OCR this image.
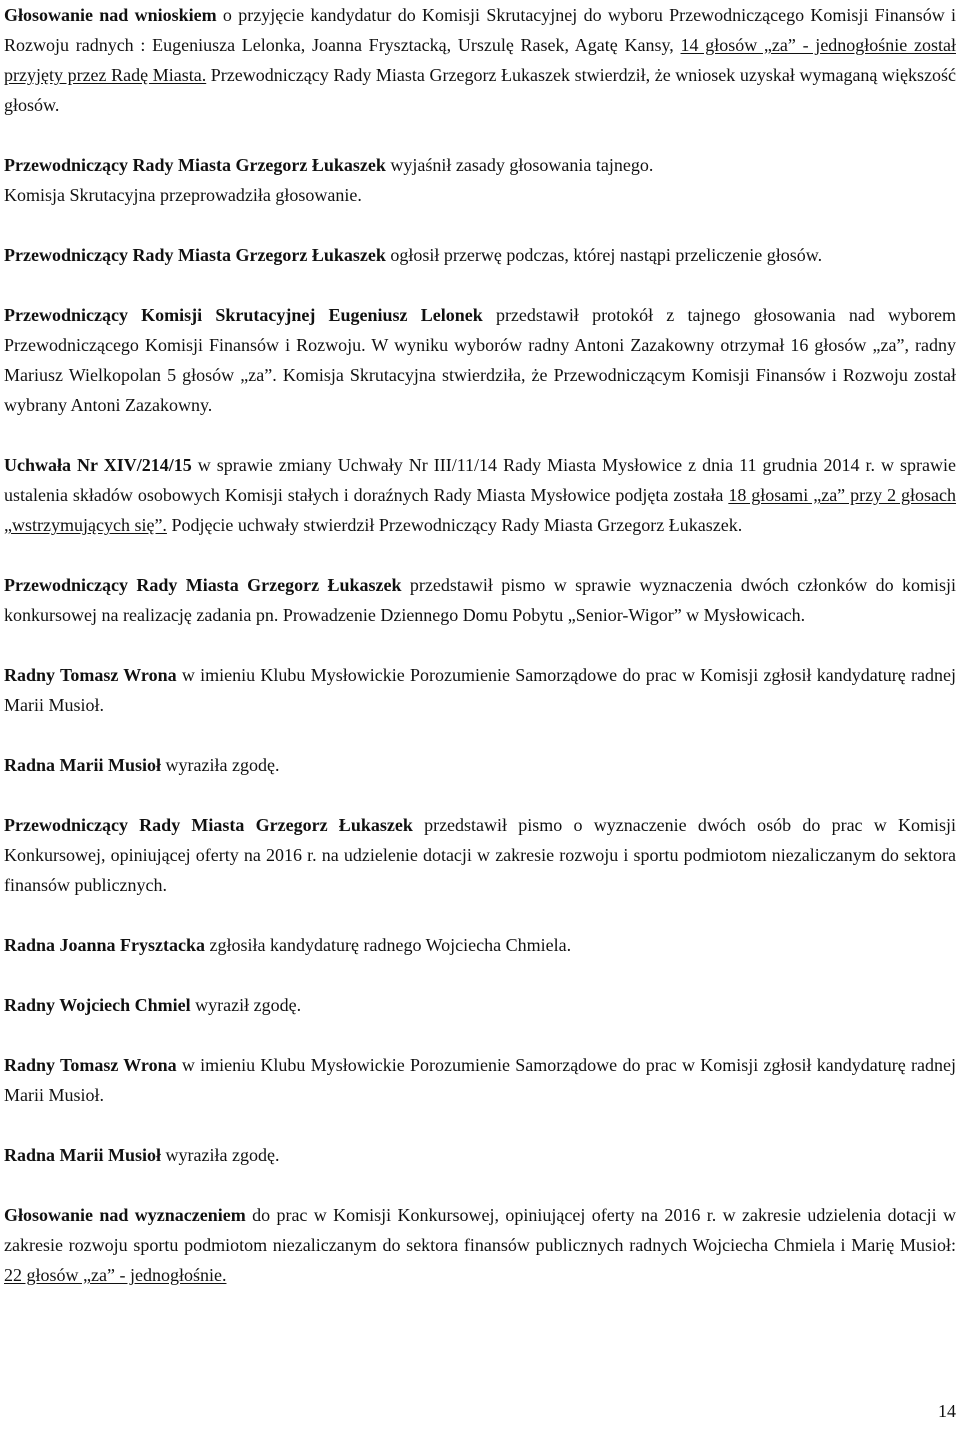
Głosowanie nad wnioskiem o przyjęcie kandydatur do Komisji Skrutacyjnej do wyboru Przewodniczącego Komisji Finansów i Rozwoju radnych : Eugeniusza Lelonka, Joanna Frysztacką, Urszulę Rasek, Agatę Kansy, 14 głosów „za” - jednogłośnie został przyjęty przez Radę Miasta. Przewodniczący Rady Miasta Grzegorz Łukaszek stwierdził, że wniosek uzyskał wymaganą większość głosów.

Przewodniczący Rady Miasta Grzegorz Łukaszek wyjaśnił zasady głosowania tajnego.

Komisja Skrutacyjna przeprowadziła głosowanie.

Przewodniczący Rady Miasta Grzegorz Łukaszek ogłosił przerwę podczas, której nastąpi przeliczenie głosów.

Przewodniczący Komisji Skrutacyjnej Eugeniusz Lelonek przedstawił protokół z tajnego głosowania nad wyborem Przewodniczącego Komisji Finansów i Rozwoju. W wyniku wyborów radny Antoni Zazakowny otrzymał 16 głosów „za”, radny Mariusz Wielkopolan 5 głosów „za”. Komisja Skrutacyjna stwierdziła, że Przewodniczącym Komisji Finansów i Rozwoju został wybrany Antoni Zazakowny.

Uchwała Nr XIV/214/15 w sprawie zmiany Uchwały Nr III/11/14 Rady Miasta Mysłowice z dnia 11 grudnia 2014 r. w sprawie ustalenia składów osobowych Komisji stałych i doraźnych Rady Miasta Mysłowice podjęta została 18 głosami „za” przy 2 głosach „wstrzymujących się”. Podjęcie uchwały stwierdził Przewodniczący Rady Miasta Grzegorz Łukaszek.

Przewodniczący Rady Miasta Grzegorz Łukaszek przedstawił pismo w sprawie wyznaczenia dwóch członków do komisji konkursowej na realizację zadania pn. Prowadzenie Dziennego Domu Pobytu „Senior-Wigor” w Mysłowicach.

Radny Tomasz Wrona w imieniu Klubu Mysłowickie Porozumienie Samorządowe do prac w Komisji zgłosił kandydaturę radnej Marii Musioł.

Radna Marii Musioł wyraziła zgodę.

Przewodniczący Rady Miasta Grzegorz Łukaszek przedstawił pismo o wyznaczenie dwóch osób do prac w Komisji Konkursowej, opiniującej oferty na 2016 r. na udzielenie dotacji w zakresie rozwoju i sportu podmiotom niezaliczanym do sektora finansów publicznych.

Radna Joanna Frysztacka zgłosiła kandydaturę radnego Wojciecha Chmiela.

Radny Wojciech Chmiel wyraził zgodę.

Radny Tomasz Wrona w imieniu Klubu Mysłowickie Porozumienie Samorządowe do prac w Komisji zgłosił kandydaturę radnej Marii Musioł.

Radna Marii Musioł wyraziła zgodę.

Głosowanie nad wyznaczeniem do prac w Komisji Konkursowej, opiniującej oferty na 2016 r. w zakresie udzielenia dotacji w zakresie rozwoju sportu podmiotom niezaliczanym do sektora finansów publicznych radnych Wojciecha Chmiela i Marię Musioł: 22 głosów „za” - jednogłośnie.

14
